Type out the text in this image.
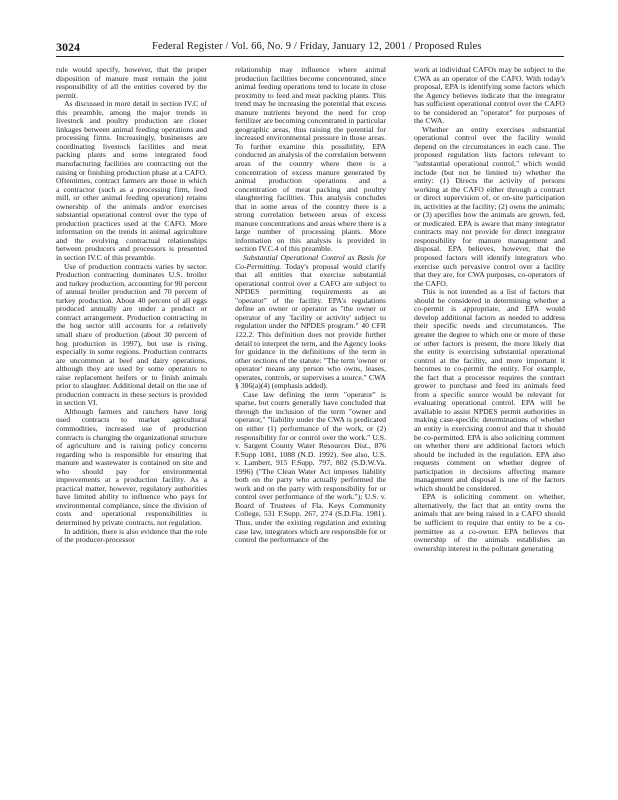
3024	Federal Register / Vol. 66, No. 9 / Friday, January 12, 2001 / Proposed Rules

rule would specify, however, that the proper disposition of manure must remain the joint responsibility of all the entities covered by the permit.

As discussed in more detail in section IV.C of this preamble, among the major trends in livestock and poultry production are closer linkages between animal feeding operations and processing firms. Increasingly, businesses are coordinating livestock facilities and meat packing plants and some integrated food manufacturing facilities are contracting out the raising or finishing production phase at a CAFO. Oftentimes, contract farmers are those in which a contractor (such as a processing firm, feed mill, or other animal feeding operation) retains ownership of the animals and/or exercises substantial operational control over the type of production practices used at the CAFO. More information on the trends in animal agriculture and the evolving contractual relationships between producers and processors is presented in section IV.C of this preamble.

Use of production contracts varies by sector. Production contracting dominates U.S. broiler and turkey production, accounting for 90 percent of annual broiler production and 70 percent of turkey production. About 40 percent of all eggs produced annually are under a product or contract arrangement. Production contracting in the hog sector still accounts for a relatively small share of production (about 30 percent of hog production in 1997), but use is rising, especially in some regions. Production contracts are uncommon at beef and dairy operations, although they are used by some operators to raise replacement heifers or to finish animals prior to slaughter. Additional detail on the use of production contracts in these sectors is provided in section VI.

Although farmers and ranchers have long used contracts to market agricultural commodities, increased use of production contracts is changing the organizational structure of agriculture and is raising policy concerns regarding who is responsible for ensuring that manure and wastewater is contained on site and who should pay for environmental improvements at a production facility. As a practical matter, however, regulatory authorities have limited ability to influence who pays for environmental compliance, since the division of costs and operational responsibilities is determined by private contracts, not regulation.

In addition, there is also evidence that the role of the producer-processor

relationship may influence where animal production facilities become concentrated, since animal feeding operations tend to locate in close proximity to feed and meat packing plants. This trend may be increasing the potential that excess manure nutrients beyond the need for crop fertilizer are becoming concentrated in particular geographic areas, thus raising the potential for increased environmental pressure in those areas. To further examine this possibility, EPA conducted an analysis of the correlation between areas of the country where there is a concentration of excess manure generated by animal production operations and a concentration of meat packing and poultry slaughtering facilities. This analysis concludes that in some areas of the country there is a strong correlation between areas of excess manure concentrations and areas where there is a large number of processing plants. More information on this analysis is provided in section IV.C.4 of this preamble.

Substantial Operational Control as Basis for Co-Permitting. Today's proposal would clarify that all entities that exercise substantial operational control over a CAFO are subject to NPDES permitting requirements as an "operator" of the facility. EPA's regulations define an owner or operator as "the owner or operator of any 'facility or activity' subject to regulation under the NPDES program." 40 CFR 122.2. This definition does not provide further detail to interpret the term, and the Agency looks for guidance in the definitions of the term in other sections of the statute: "The term 'owner or operator' means any person who owns, leases, operates, controls, or supervises a source." CWA § 306(a)(4) (emphasis added).

Case law defining the term "operator" is sparse, but courts generally have concluded that through the inclusion of the term "owner and operator," "liability under the CWA is predicated on either (1) performance of the work, or (2) responsibility for or control over the work." U.S. v. Sargent County Water Resources Dist., 876 F.Supp 1081, 1088 (N.D. 1992). See also, U.S. v. Lambert, 915 F.Supp. 797, 802 (S.D.W.Va. 1996) ("The Clean Water Act imposes liability both on the party who actually performed the work and on the party with responsibility for or control over performance of the work."); U.S. v. Board of Trustees of Fla. Keys Community College, 531 F.Supp. 267, 274 (S.D.Fla. 1981). Thus, under the existing regulation and existing case law, integrators which are responsible for or control the performance of the

work at individual CAFOs may be subject to the CWA as an operator of the CAFO. With today's proposal, EPA is identifying some factors which the Agency believes indicate that the integrator has sufficient operational control over the CAFO to be considered an "operator" for purposes of the CWA.

Whether an entity exercises substantial operational control over the facility would depend on the circumstances in each case. The proposed regulation lists factors relevant to "substantial operational control," which would include (but not be limited to) whether the entity: (1) Directs the activity of persons working at the CAFO either through a contract or direct supervision of, or on-site participation in, activities at the facility; (2) owns the animals; or (3) specifies how the animals are grown, fed, or medicated. EPA is aware that many integrator contracts may not provide for direct integrator responsibility for manure management and disposal. EPA believes, however, that the proposed factors will identify integrators who exercise such pervasive control over a facility that they are, for CWA purposes, co-operators of the CAFO.

This is not intended as a list of factors that should be considered in determining whether a co-permit is appropriate, and EPA would develop additional factors as needed to address their specific needs and circumstances. The greater the degree to which one or more of these or other factors is present, the more likely that the entity is exercising substantial operational control at the facility, and more important it becomes to co-permit the entity. For example, the fact that a processor requires the contract grower to purchase and feed its animals feed from a specific source would be relevant for evaluating operational control. EPA will be available to assist NPDES permit authorities in making case-specific determinations of whether an entity is exercising control and that it should be co-permitted. EPA is also soliciting comment on whether there are additional factors which should be included in the regulation. EPA also requests comment on whether degree of participation in decisions affecting manure management and disposal is one of the factors which should be considered.

EPA is soliciting comment on whether, alternatively, the fact that an entity owns the animals that are being raised in a CAFO should be sufficient to require that entity to be a co-permittee as a co-owner. EPA believes that ownership of the animals establishes an ownership interest in the pollutant generating
